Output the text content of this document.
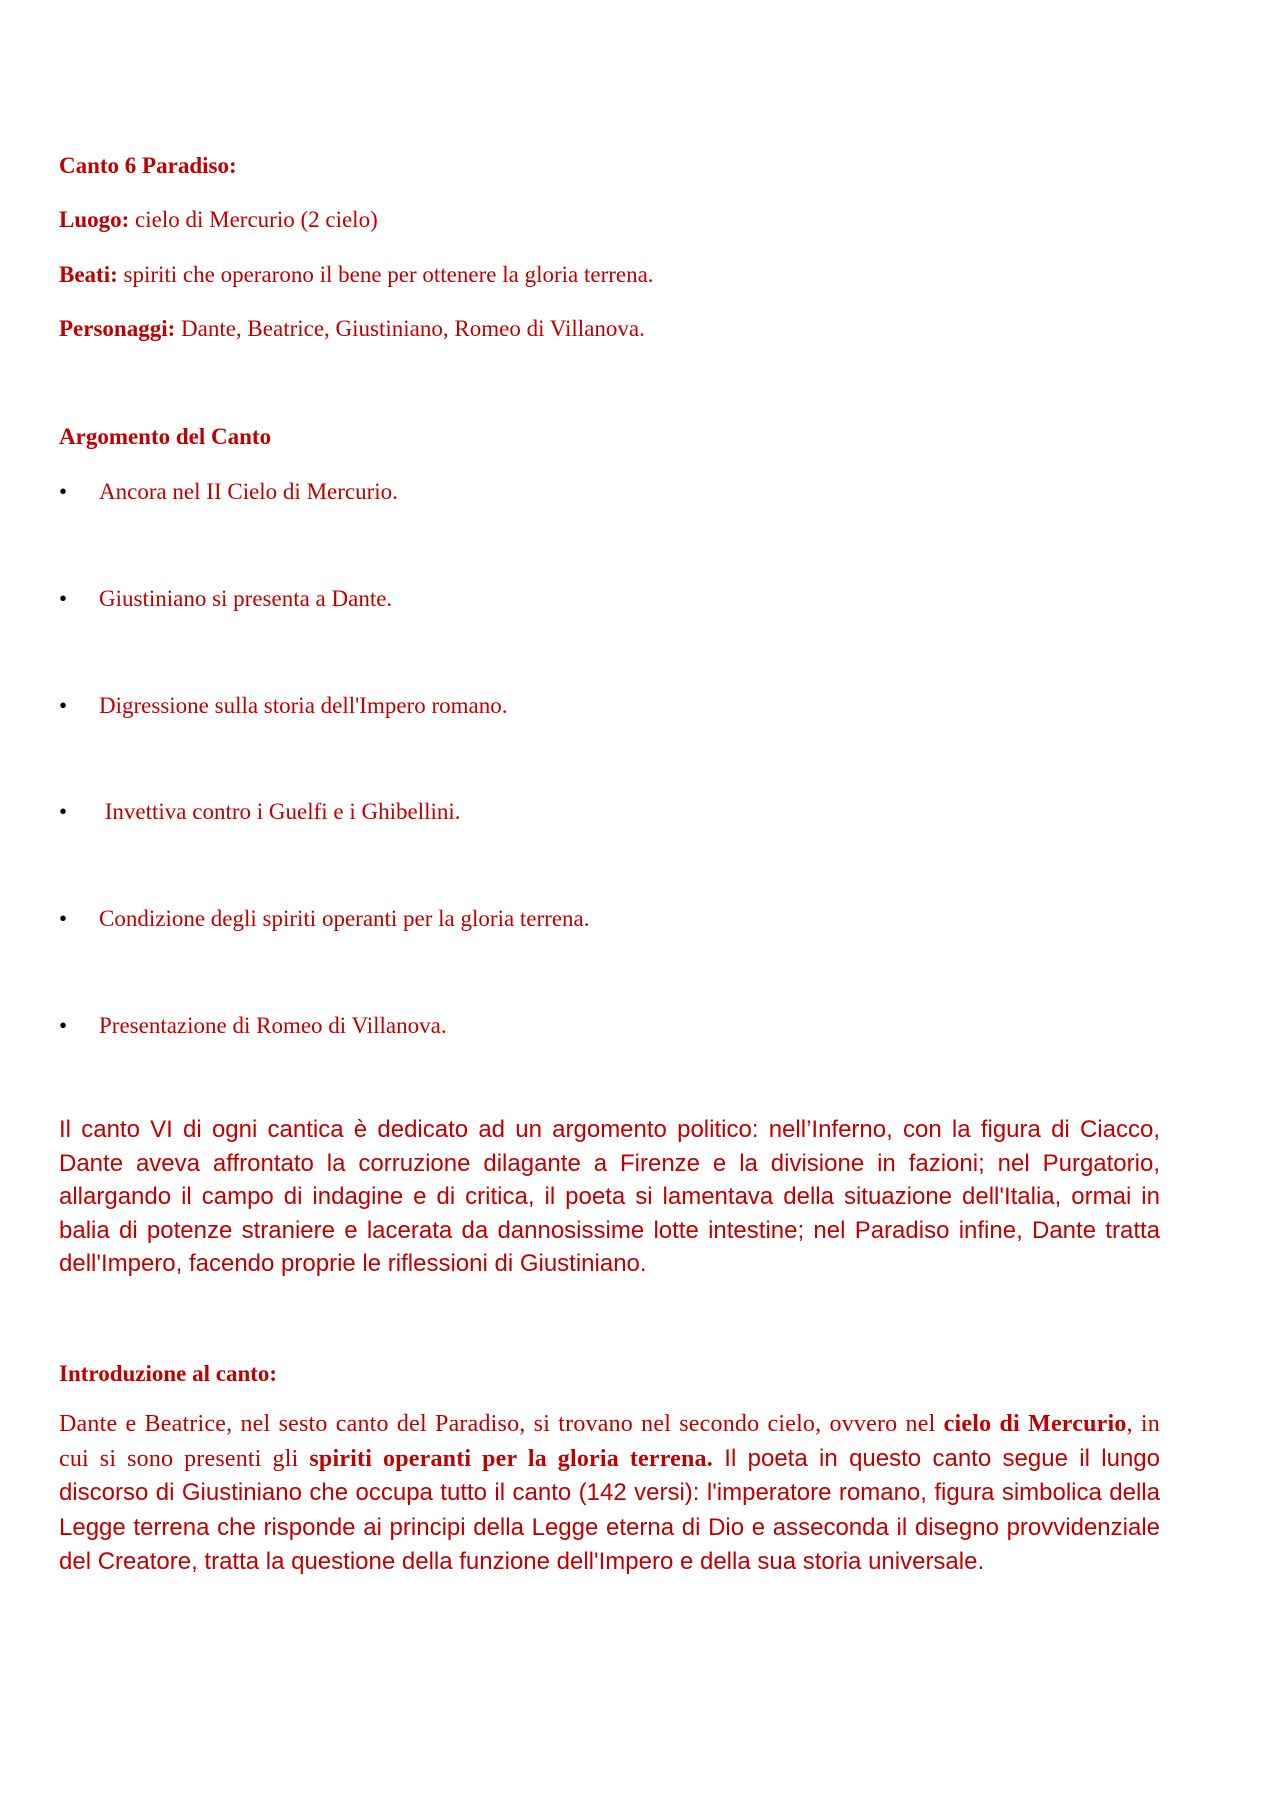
Canto 6 Paradiso:
Luogo: cielo di Mercurio (2 cielo)
Beati: spiriti che operarono il bene per ottenere la gloria terrena.
Personaggi: Dante, Beatrice, Giustiniano, Romeo di Villanova.
Argomento del Canto
•	Ancora nel II Cielo di Mercurio.
•	Giustiniano si presenta a Dante.
•	Digressione sulla storia dell'Impero romano.
•	Invettiva contro i Guelfi e i Ghibellini.
•	Condizione degli spiriti operanti per la gloria terrena.
•	Presentazione di Romeo di Villanova.
Il canto VI di ogni cantica è dedicato ad un argomento politico: nell’Inferno, con la figura di Ciacco, Dante aveva affrontato la corruzione dilagante a Firenze e la divisione in fazioni; nel Purgatorio, allargando il campo di indagine e di critica, il poeta si lamentava della situazione dell'Italia, ormai in balia di potenze straniere e lacerata da dannosissime lotte intestine; nel Paradiso infine, Dante tratta dell'Impero, facendo proprie le riflessioni di Giustiniano.
Introduzione al canto:
Dante e Beatrice, nel sesto canto del Paradiso, si trovano nel secondo cielo, ovvero nel cielo di Mercurio, in cui si sono presenti gli spiriti operanti per la gloria terrena. Il poeta in questo canto segue il lungo discorso di Giustiniano che occupa tutto il canto (142 versi): l'imperatore romano, figura simbolica della Legge terrena che risponde ai principi della Legge eterna di Dio e asseconda il disegno provvidenziale del Creatore, tratta la questione della funzione dell'Impero e della sua storia universale.
